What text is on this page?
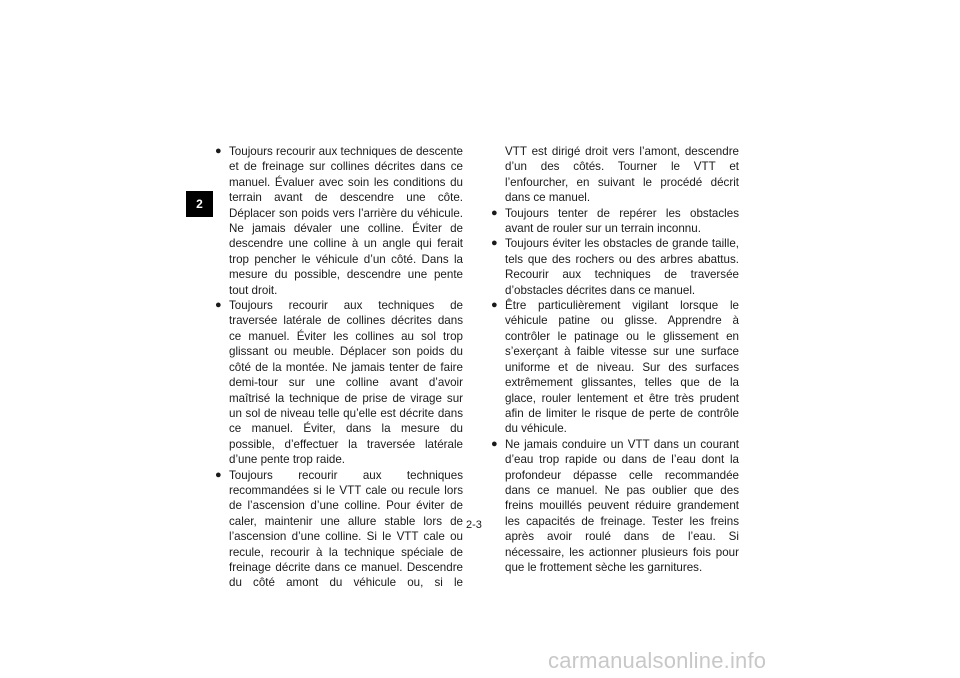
2

● Toujours recourir aux techniques de descente et de freinage sur collines décrites dans ce manuel. Évaluer avec soin les conditions du terrain avant de descendre une côte. Déplacer son poids vers l’arrière du véhicule. Ne jamais dévaler une colline. Éviter de descendre une colline à un angle qui ferait trop pencher le véhicule d’un côté. Dans la mesure du possible, descendre une pente tout droit.

● Toujours recourir aux techniques de traversée latérale de collines décrites dans ce manuel. Éviter les collines au sol trop glissant ou meuble. Déplacer son poids du côté de la montée. Ne jamais tenter de faire demi-tour sur une colline avant d’avoir maîtrisé la technique de prise de virage sur un sol de niveau telle qu’elle est décrite dans ce manuel. Éviter, dans la mesure du possible, d’effectuer la traversée latérale d’une pente trop raide.

● Toujours recourir aux techniques recommandées si le VTT cale ou recule lors de l’ascension d’une colline. Pour éviter de caler, maintenir une allure stable lors de l’ascension d’une colline. Si le VTT cale ou recule, recourir à la technique spéciale de freinage décrite dans ce manuel. Descendre du côté amont du véhicule ou, si le

VTT est dirigé droit vers l’amont, descendre d’un des côtés. Tourner le VTT et l’enfourcher, en suivant le procédé décrit dans ce manuel.

● Toujours tenter de repérer les obstacles avant de rouler sur un terrain inconnu.

● Toujours éviter les obstacles de grande taille, tels que des rochers ou des arbres abattus. Recourir aux techniques de traversée d’obstacles décrites dans ce manuel.

● Être particulièrement vigilant lorsque le véhicule patine ou glisse. Apprendre à contrôler le patinage ou le glissement en s’exerçant à faible vitesse sur une surface uniforme et de niveau. Sur des surfaces extrêmement glissantes, telles que de la glace, rouler lentement et être très prudent afin de limiter le risque de perte de contrôle du véhicule.

● Ne jamais conduire un VTT dans un courant d’eau trop rapide ou dans de l’eau dont la profondeur dépasse celle recommandée dans ce manuel. Ne pas oublier que des freins mouillés peuvent réduire grandement les capacités de freinage. Tester les freins après avoir roulé dans de l’eau. Si nécessaire, les actionner plusieurs fois pour que le frottement sèche les garnitures.

2-3
carmanualsonline.info
